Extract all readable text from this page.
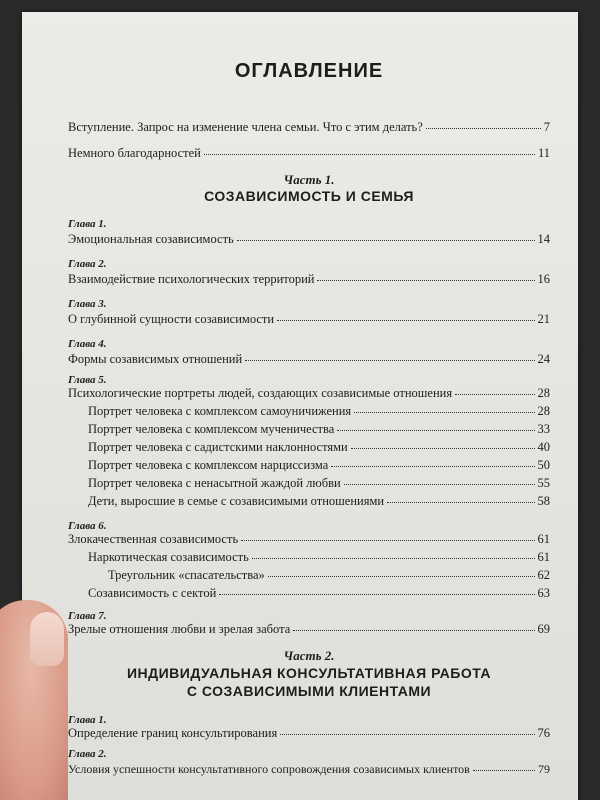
ОГЛАВЛЕНИЕ
Вступление. Запрос на изменение члена семьи. Что с этим делать?	7
Немного благодарностей	11
Часть 1.
СОЗАВИСИМОСТЬ И СЕМЬЯ
Глава 1.
Эмоциональная созависимость	14
Глава 2.
Взаимодействие психологических территорий	16
Глава 3.
О глубинной сущности созависимости	21
Глава 4.
Формы созависимых отношений	24
Глава 5.
Психологические портреты людей, создающих созависимые отношения	28
Портрет человека с комплексом самоуничижения	28
Портрет человека с комплексом мученичества	33
Портрет человека с садистскими наклонностями	40
Портрет человека с комплексом нарциссизма	50
Портрет человека с ненасытной жаждой любви	55
Дети, выросшие в семье с созависимыми отношениями	58
Глава 6.
Злокачественная созависимость	61
Наркотическая созависимость	61
Треугольник «спасательства»	62
Созависимость с сектой	63
Глава 7.
Зрелые отношения любви и зрелая забота	69
Часть 2.
ИНДИВИДУАЛЬНАЯ КОНСУЛЬТАТИВНАЯ РАБОТА
С СОЗАВИСИМЫМИ КЛИЕНТАМИ
Глава 1.
Определение границ консультирования	76
Глава 2.
Условия успешности консультативного сопровождения созависимых клиентов	79
